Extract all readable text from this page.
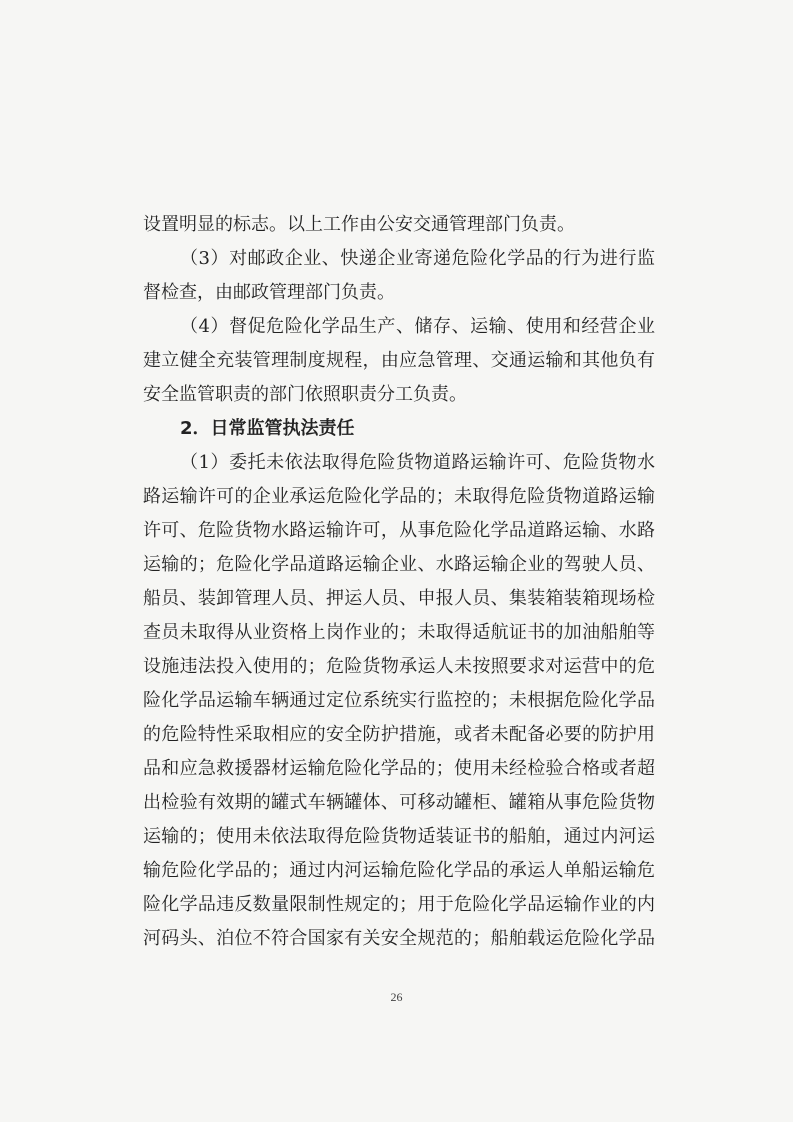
设置明显的标志。以上工作由公安交通管理部门负责。
（3）对邮政企业、快递企业寄递危险化学品的行为进行监
督检查，由邮政管理部门负责。
（4）督促危险化学品生产、储存、运输、使用和经营企业
建立健全充装管理制度规程，由应急管理、交通运输和其他负有
安全监管职责的部门依照职责分工负责。
2．日常监管执法责任
（1）委托未依法取得危险货物道路运输许可、危险货物水
路运输许可的企业承运危险化学品的；未取得危险货物道路运输
许可、危险货物水路运输许可，从事危险化学品道路运输、水路
运输的；危险化学品道路运输企业、水路运输企业的驾驶人员、
船员、装卸管理人员、押运人员、申报人员、集装箱装箱现场检
查员未取得从业资格上岗作业的；未取得适航证书的加油船舶等
设施违法投入使用的；危险货物承运人未按照要求对运营中的危
险化学品运输车辆通过定位系统实行监控的；未根据危险化学品
的危险特性采取相应的安全防护措施，或者未配备必要的防护用
品和应急救援器材运输危险化学品的；使用未经检验合格或者超
出检验有效期的罐式车辆罐体、可移动罐柜、罐箱从事危险货物
运输的；使用未依法取得危险货物适装证书的船舶，通过内河运
输危险化学品的；通过内河运输危险化学品的承运人单船运输危
险化学品违反数量限制性规定的；用于危险化学品运输作业的内
河码头、泊位不符合国家有关安全规范的；船舶载运危险化学品
26
